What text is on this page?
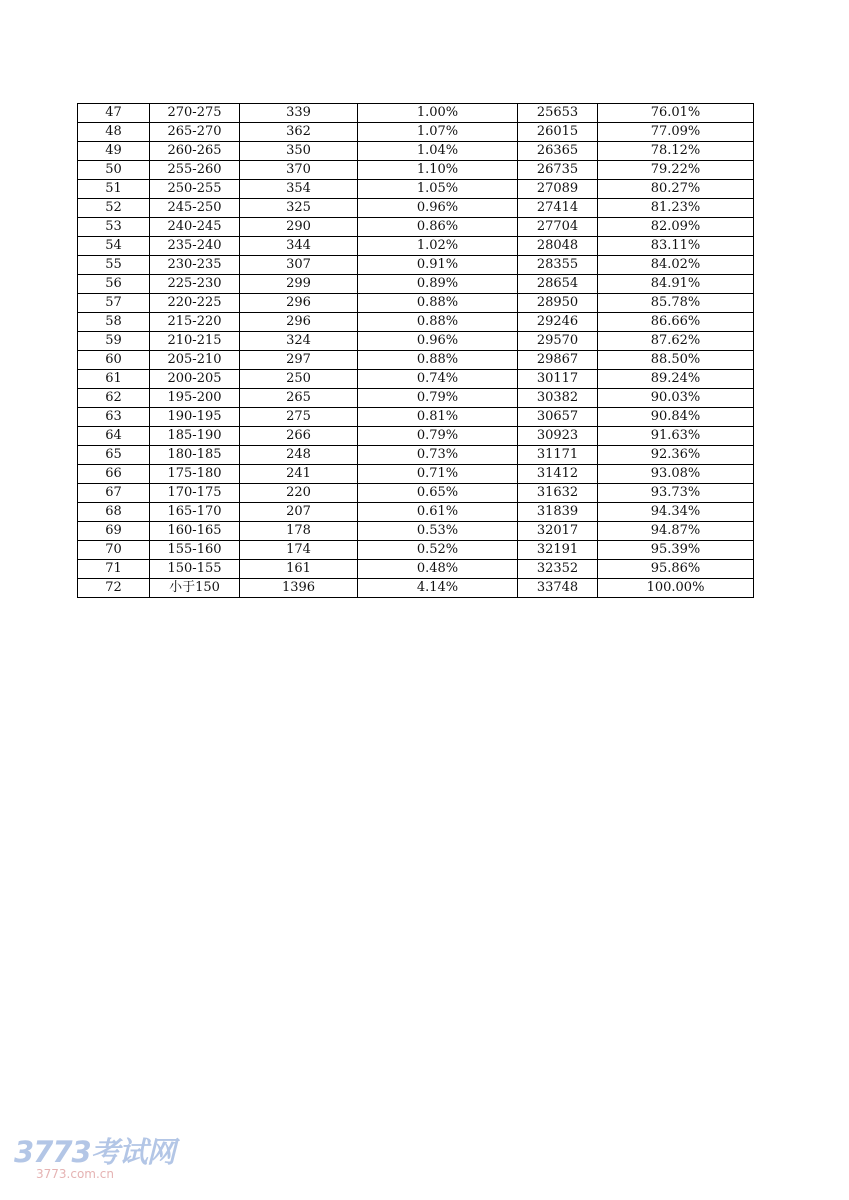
47	270-275	339	1.00%	25653	76.01%
48	265-270	362	1.07%	26015	77.09%
49	260-265	350	1.04%	26365	78.12%
50	255-260	370	1.10%	26735	79.22%
51	250-255	354	1.05%	27089	80.27%
52	245-250	325	0.96%	27414	81.23%
53	240-245	290	0.86%	27704	82.09%
54	235-240	344	1.02%	28048	83.11%
55	230-235	307	0.91%	28355	84.02%
56	225-230	299	0.89%	28654	84.91%
57	220-225	296	0.88%	28950	85.78%
58	215-220	296	0.88%	29246	86.66%
59	210-215	324	0.96%	29570	87.62%
60	205-210	297	0.88%	29867	88.50%
61	200-205	250	0.74%	30117	89.24%
62	195-200	265	0.79%	30382	90.03%
63	190-195	275	0.81%	30657	90.84%
64	185-190	266	0.79%	30923	91.63%
65	180-185	248	0.73%	31171	92.36%
66	175-180	241	0.71%	31412	93.08%
67	170-175	220	0.65%	31632	93.73%
68	165-170	207	0.61%	31839	94.34%
69	160-165	178	0.53%	32017	94.87%
70	155-160	174	0.52%	32191	95.39%
71	150-155	161	0.48%	32352	95.86%
72	小于150	1396	4.14%	33748	100.00%
3773考试网
3773.com.cn
